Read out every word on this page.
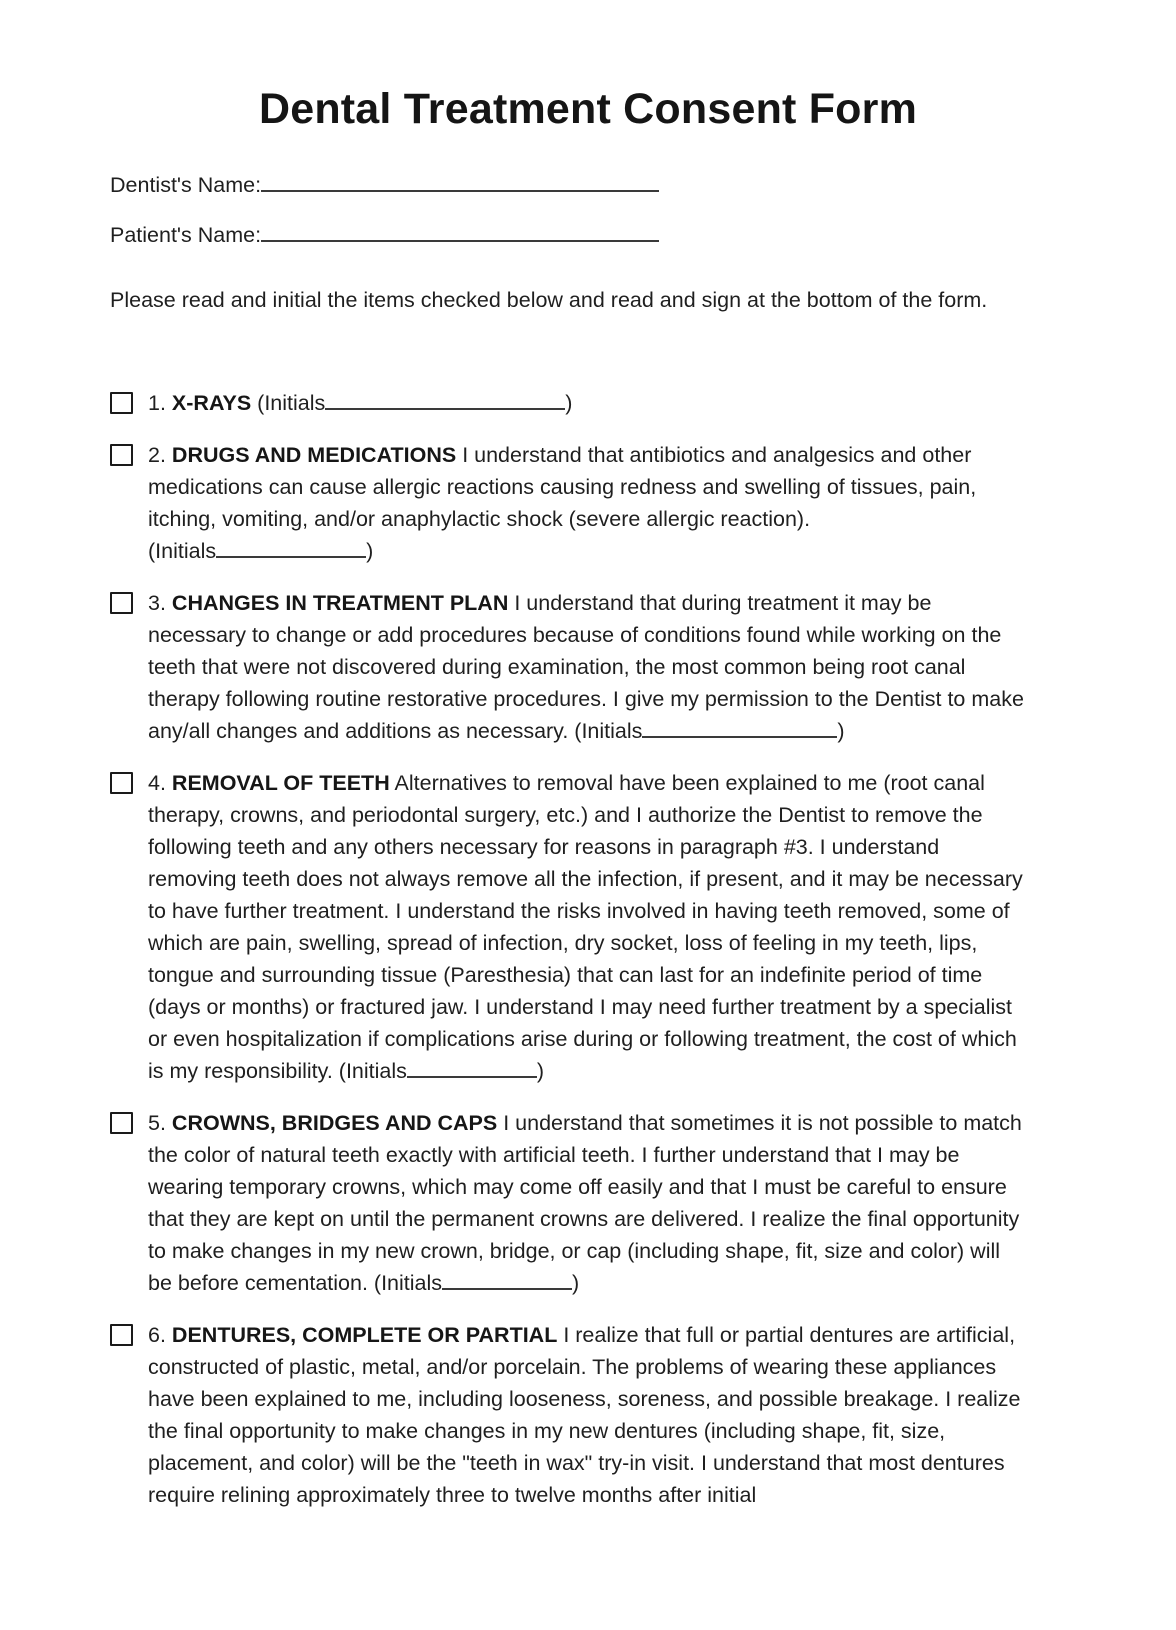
Dental Treatment Consent Form
Dentist's Name:
Patient's Name:
Please read and initial the items checked below and read and sign at the bottom of the form.
1. X-RAYS (Initials	)
2. DRUGS AND MEDICATIONS I understand that antibiotics and analgesics and other medications can cause allergic reactions causing redness and swelling of tissues, pain, itching, vomiting, and/or anaphylactic shock (severe allergic reaction).
(Initials	)
3. CHANGES IN TREATMENT PLAN I understand that during treatment it may be necessary to change or add procedures because of conditions found while working on the teeth that were not discovered during examination, the most common being root canal therapy following routine restorative procedures. I give my permission to the Dentist to make any/all changes and additions as necessary. (Initials	)
4. REMOVAL OF TEETH Alternatives to removal have been explained to me (root canal therapy, crowns, and periodontal surgery, etc.) and I authorize the Dentist to remove the following teeth and any others necessary for reasons in paragraph #3. I understand removing teeth does not always remove all the infection, if present, and it may be necessary to have further treatment. I understand the risks involved in having teeth removed, some of which are pain, swelling, spread of infection, dry socket, loss of feeling in my teeth, lips, tongue and surrounding tissue (Paresthesia) that can last for an indefinite period of time (days or months) or fractured jaw. I understand I may need further treatment by a specialist or even hospitalization if complications arise during or following treatment, the cost of which is my responsibility. (Initials	)
5. CROWNS, BRIDGES AND CAPS I understand that sometimes it is not possible to match the color of natural teeth exactly with artificial teeth. I further understand that I may be wearing temporary crowns, which may come off easily and that I must be careful to ensure that they are kept on until the permanent crowns are delivered. I realize the final opportunity to make changes in my new crown, bridge, or cap (including shape, fit, size and color) will be before cementation. (Initials	)
6. DENTURES, COMPLETE OR PARTIAL I realize that full or partial dentures are artificial, constructed of plastic, metal, and/or porcelain. The problems of wearing these appliances have been explained to me, including looseness, soreness, and possible breakage. I realize the final opportunity to make changes in my new dentures (including shape, fit, size, placement, and color) will be the "teeth in wax" try-in visit. I understand that most dentures require relining approximately three to twelve months after initial
